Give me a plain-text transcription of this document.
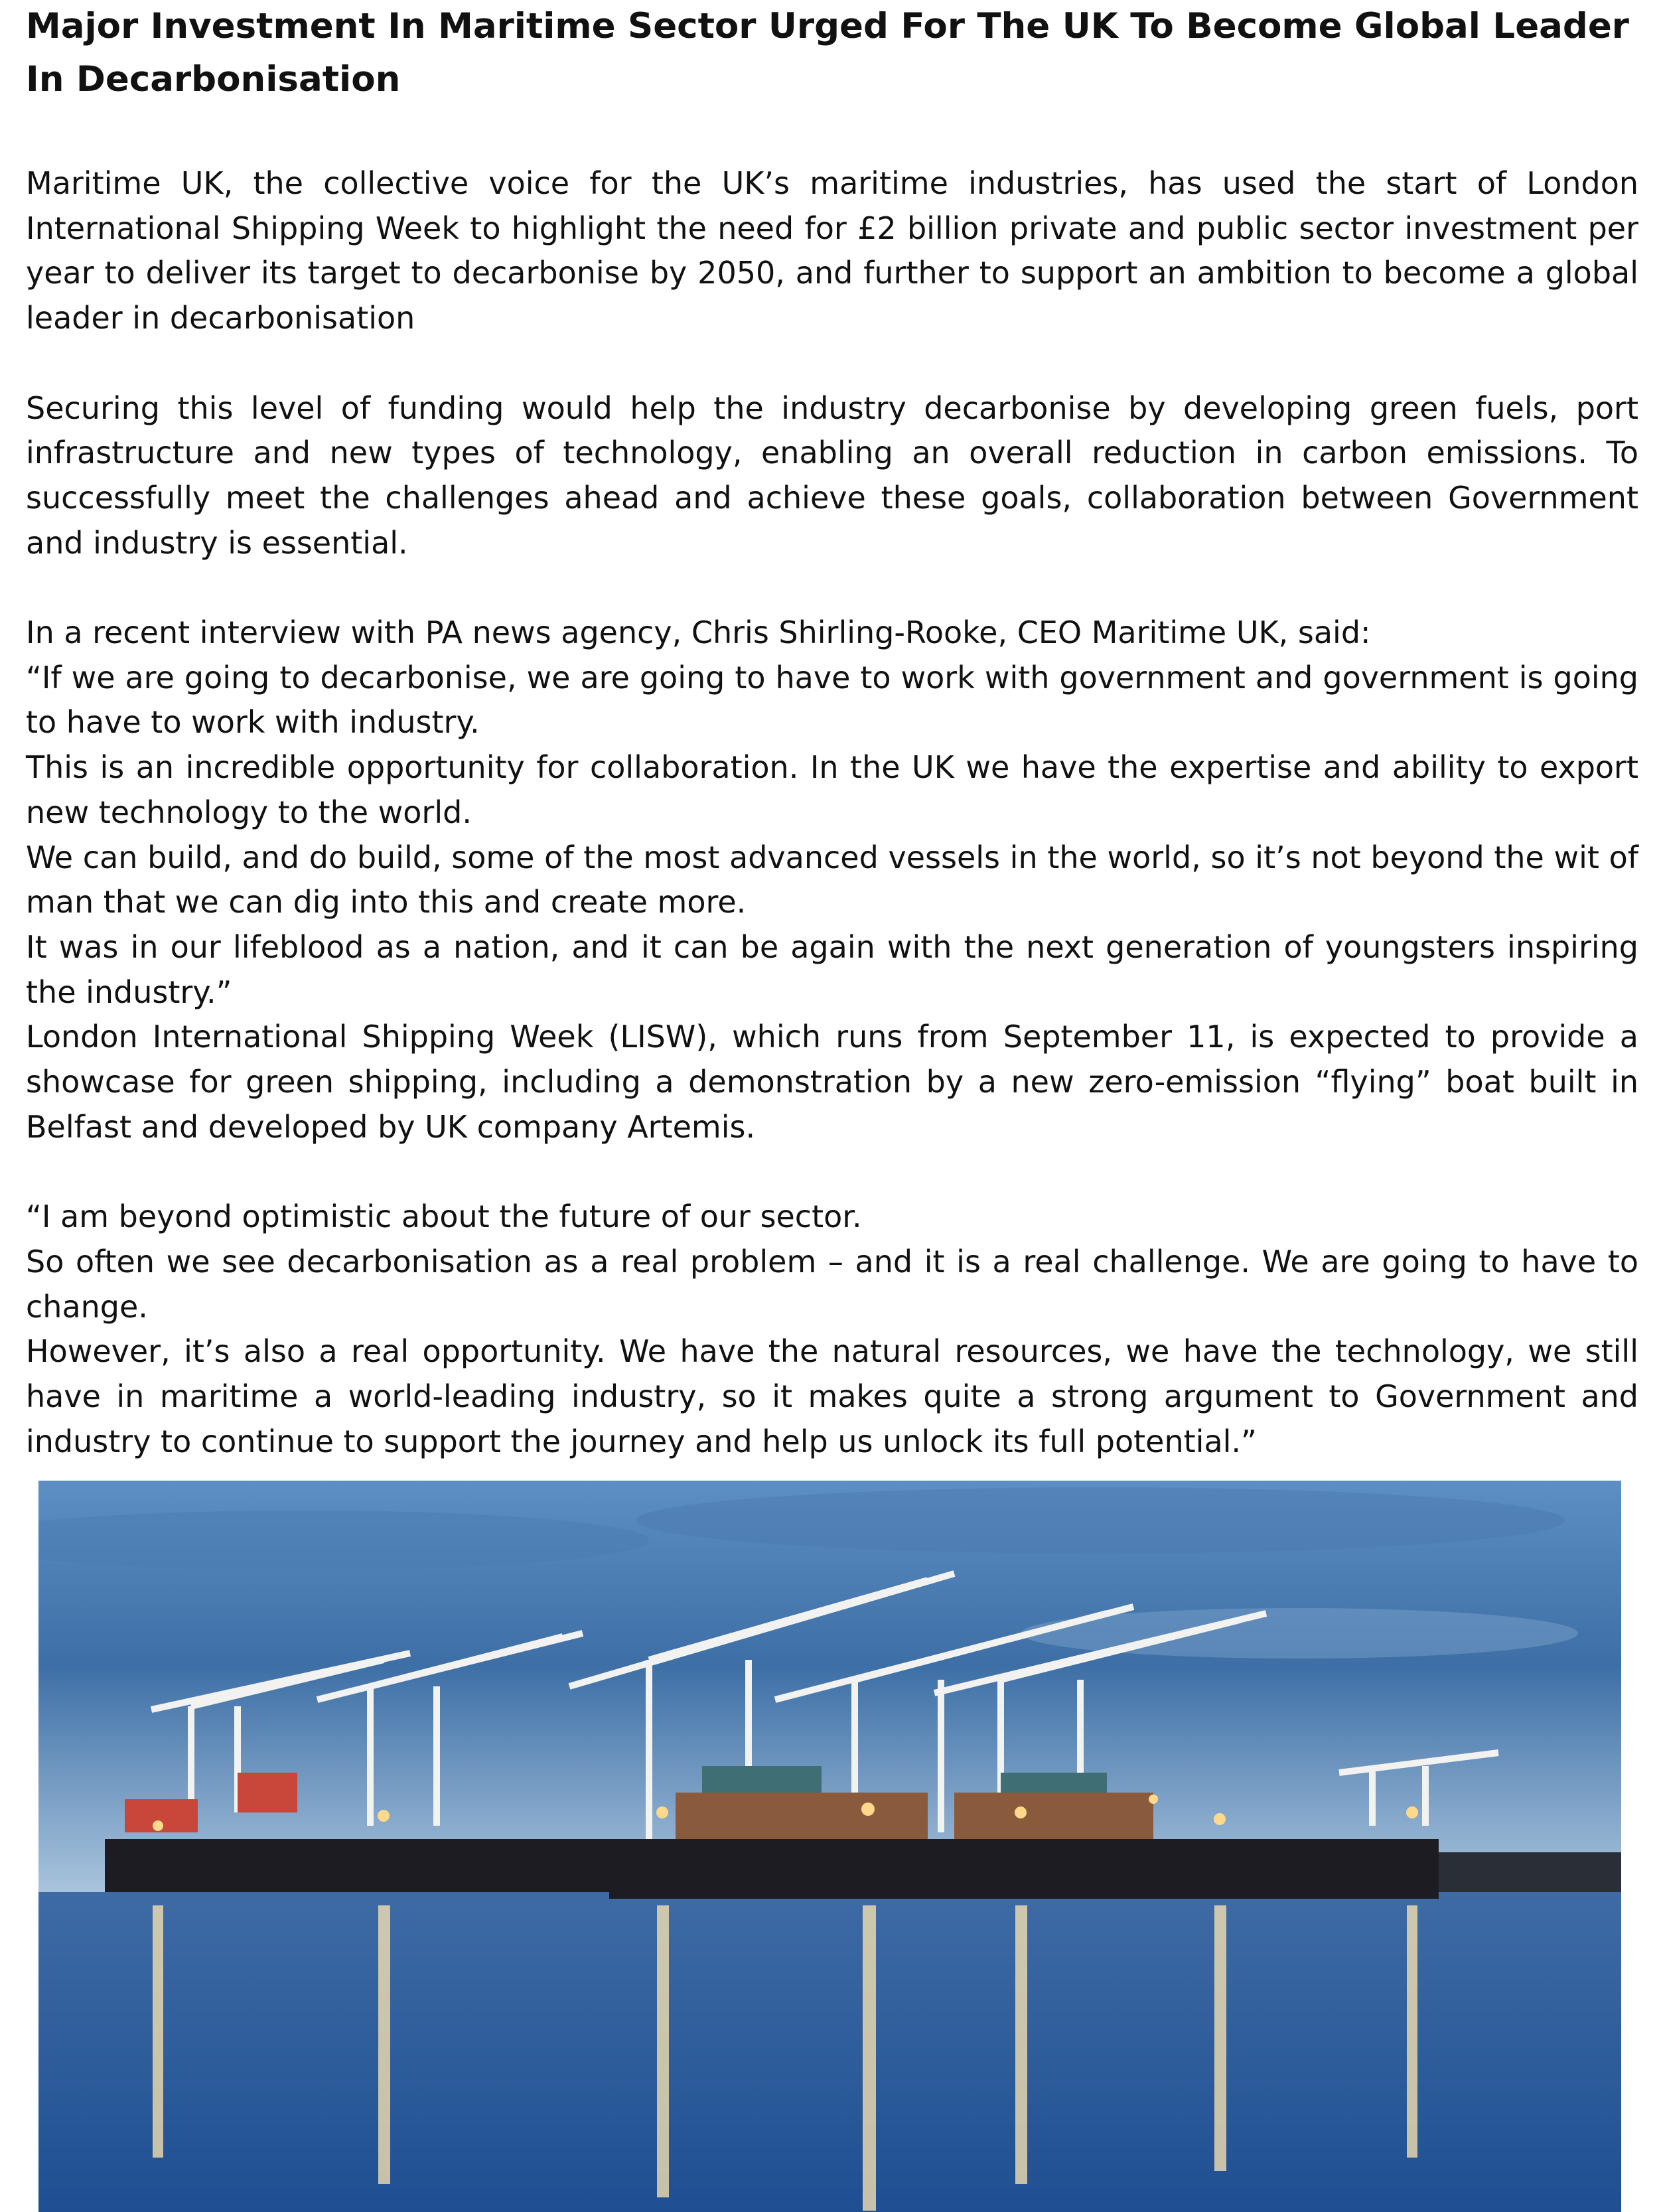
Major Investment In Maritime Sector Urged For The UK To Become Global Leader In Decarbonisation

Maritime UK, the collective voice for the UK’s maritime industries, has used the start of London International Shipping Week to highlight the need for £2 billion private and public sector investment per year to deliver its target to decarbonise by 2050, and further to support an ambition to become a global leader in decarbonisation

Securing this level of funding would help the industry decarbonise by developing green fuels, port infrastructure and new types of technology, enabling an overall reduction in carbon emissions. To successfully meet the challenges ahead and achieve these goals, collaboration between Government and industry is essential.

In a recent interview with PA news agency, Chris Shirling-Rooke, CEO Maritime UK, said:
“If we are going to decarbonise, we are going to have to work with government and government is going to have to work with industry.
This is an incredible opportunity for collaboration. In the UK we have the expertise and ability to export new technology to the world.
We can build, and do build, some of the most advanced vessels in the world, so it’s not beyond the wit of man that we can dig into this and create more.
It was in our lifeblood as a nation, and it can be again with the next generation of youngsters inspiring the industry.”
London International Shipping Week (LISW), which runs from September 11, is expected to provide a showcase for green shipping, including a demonstration by a new zero-emission “flying” boat built in Belfast and developed by UK company Artemis.
“I am beyond optimistic about the future of our sector.
So often we see decarbonisation as a real problem – and it is a real challenge. We are going to have to change.
However, it’s also a real opportunity. We have the natural resources, we have the technology, we still have in maritime a world-leading industry, so it makes quite a strong argument to Government and industry to continue to support the journey and help us unlock its full potential.”
